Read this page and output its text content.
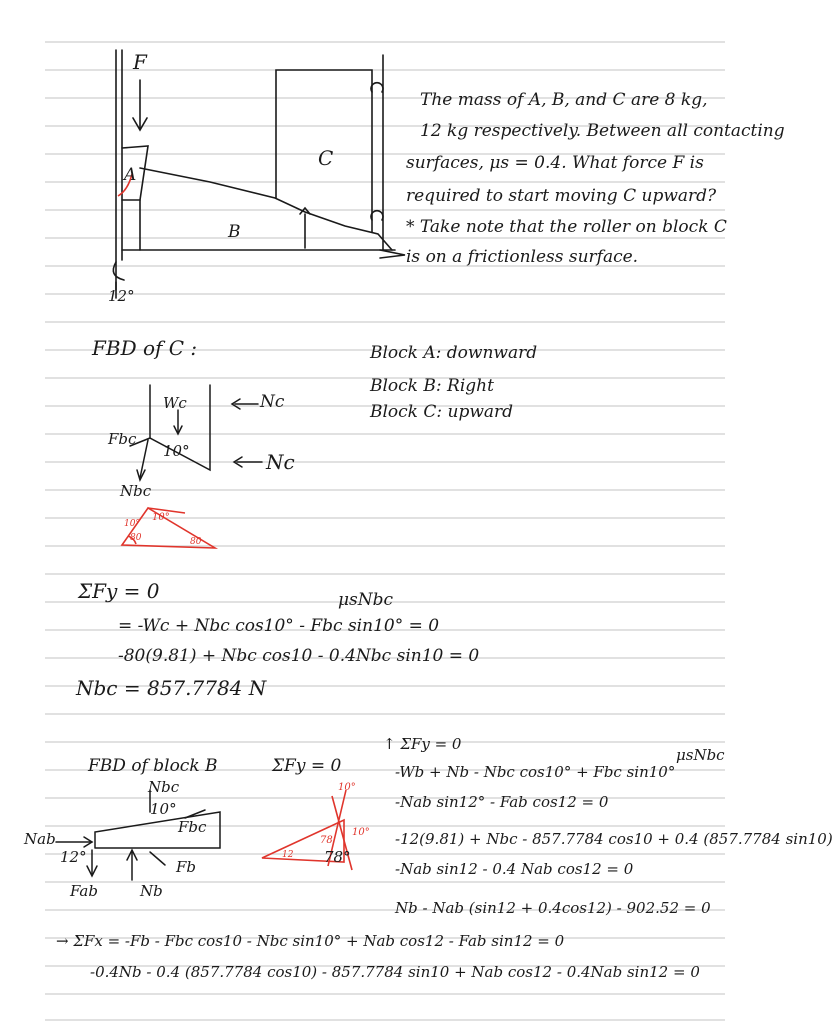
F
A
B
C
12°
The mass of A, B, and C are 8 kg,
12 kg respectively. Between all contacting
surfaces, μs = 0.4. What force F is
required to start moving C upward?
* Take note that the roller on block C
is on a frictionless surface.
FBD of C :
10°
80	80
10°
Wc	Nc
Nc
Fbc
Nbc
10°
Block A: downward
Block B: Right
Block C: upward
μsNbc
ΣFy = 0
= -Wc + Nbc cos10° - Fbc sin10° = 0
-80(9.81) + Nbc cos10 - 0.4Nbc sin10 = 0
Nbc = 857.7784 N
FBD of block B	ΣFy = 0
10°
10°
78
12
Nbc
10°
Fbc
Nab
12°
Fab	Nb
Fb
78°
μsNbc
↑ ΣFy = 0
-Wb + Nb - Nbc cos10° + Fbc sin10°
-Nab sin12° - Fab cos12 = 0
-12(9.81) + Nbc - 857.7784 cos10 + 0.4 (857.7784 sin10)
-Nab sin12 - 0.4 Nab cos12 = 0
Nb - Nab (sin12 + 0.4cos12) - 902.52 = 0
→ ΣFx = -Fb - Fbc cos10 - Nbc sin10° + Nab cos12 - Fab sin12 = 0
-0.4Nb - 0.4 (857.7784 cos10) - 857.7784 sin10 + Nab cos12 - 0.4Nab sin12 = 0
